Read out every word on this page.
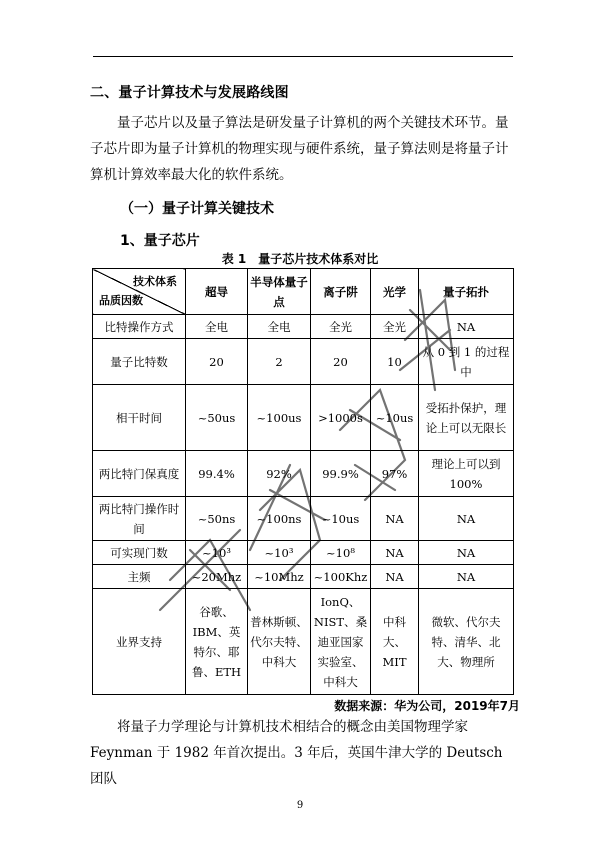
二、量子计算技术与发展路线图
量子芯片以及量子算法是研发量子计算机的两个关键技术环节。量子芯片即为量子计算机的物理实现与硬件系统，量子算法则是将量子计算机计算效率最大化的软件系统。
（一）量子计算关键技术
1、量子芯片
表 1　量子芯片技术体系对比
技术体系
品质因数	超导	半导体量子点	离子阱	光学	量子拓扑
比特操作方式	全电	全电	全光	全光	NA
量子比特数	20	2	20	10	从 0 到 1 的过程中
相干时间	~50us	~100us	>1000s	~10us	受拓扑保护，理论上可以无限长
两比特门保真度	99.4%	92%	99.9%	97%	理论上可以到 100%
两比特门操作时间	~50ns	~100ns	~10us	NA	NA
可实现门数	~10³	~10³	~10⁸	NA	NA
主频	~20Mhz	~10Mhz	~100Khz	NA	NA
业界支持	谷歌、IBM、英特尔、耶鲁、ETH	普林斯顿、代尔夫特、中科大	IonQ、NIST、桑迪亚国家实验室、中科大	中科大、MIT	微软、代尔夫特、清华、北大、物理所
数据来源：华为公司，2019年7月
将量子力学理论与计算机技术相结合的概念由美国物理学家Feynman 于 1982 年首次提出。3 年后，英国牛津大学的 Deutsch 团队
9
